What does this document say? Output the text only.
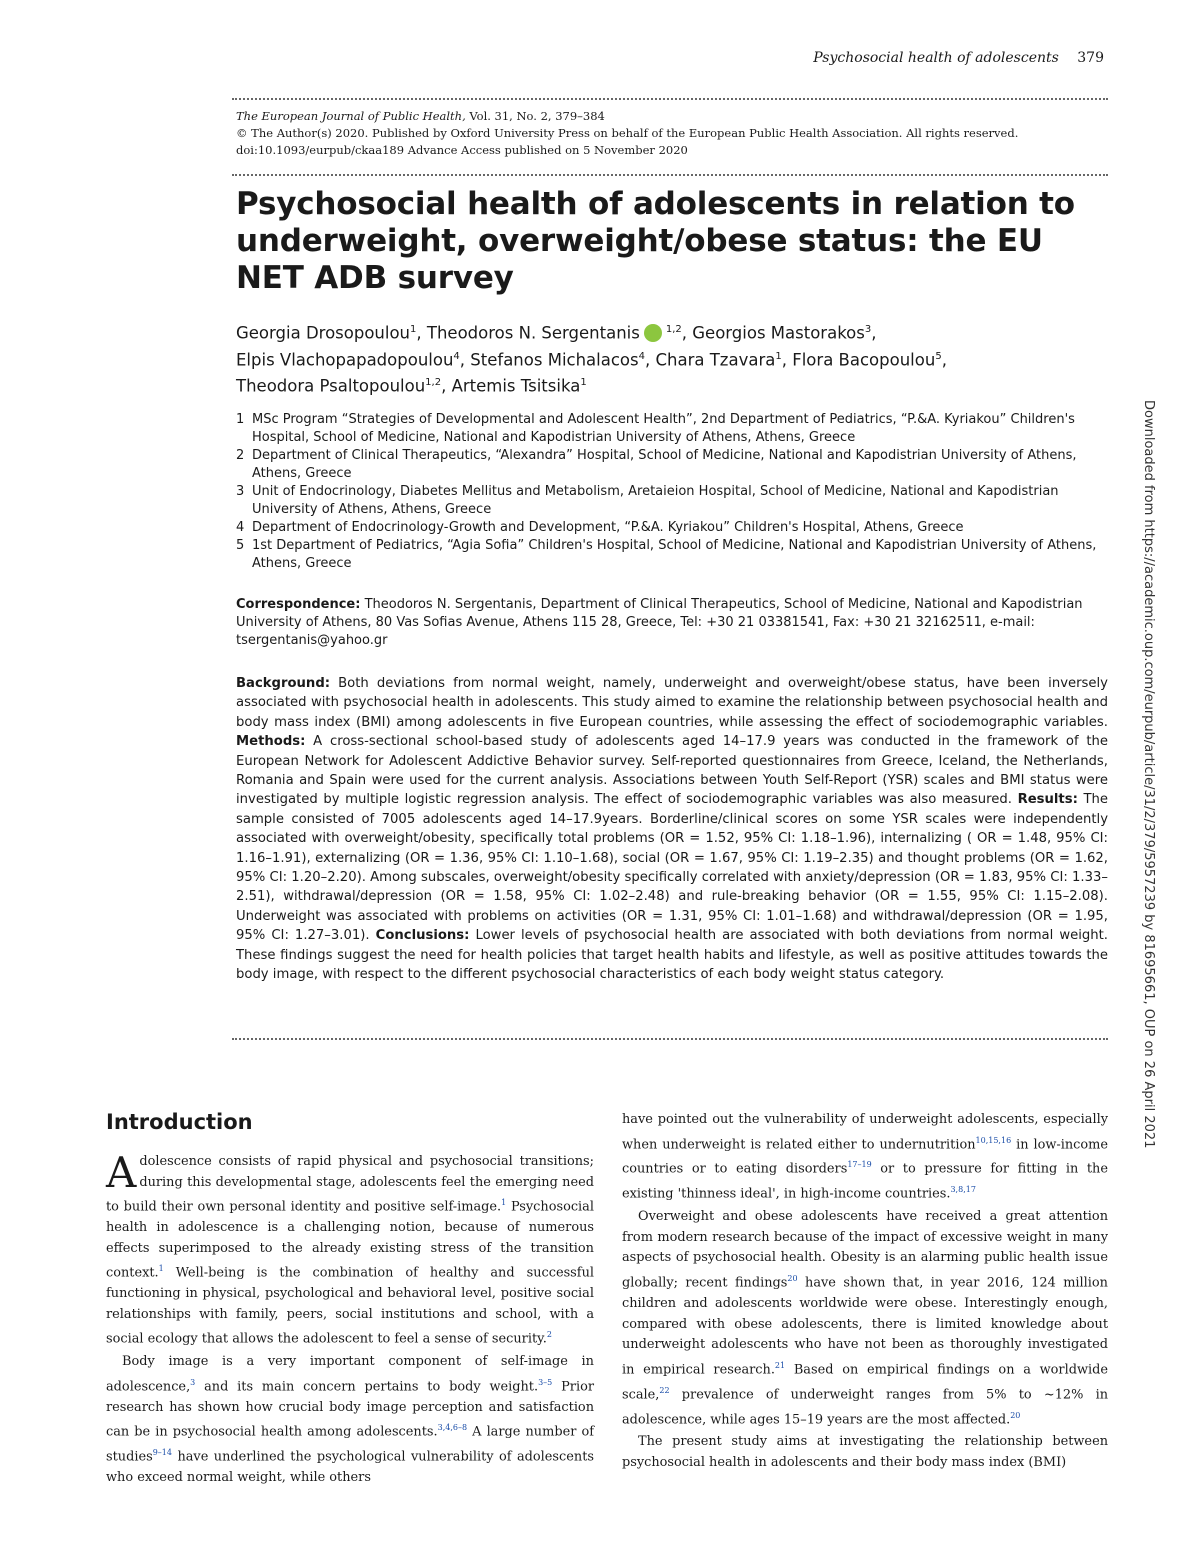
Psychosocial health of adolescents 379
The European Journal of Public Health, Vol. 31, No. 2, 379–384
© The Author(s) 2020. Published by Oxford University Press on behalf of the European Public Health Association. All rights reserved.
doi:10.1093/eurpub/ckaa189 Advance Access published on 5 November 2020
Psychosocial health of adolescents in relation to underweight, overweight/obese status: the EU NET ADB survey
Georgia Drosopoulou$^1$, Theodoros N. Sergentanis	$^{1,2}$, Georgios Mastorakos$^3$,
Elpis Vlachopapadopoulou$^4$, Stefanos Michalacos$^4$, Chara Tzavara$^1$, Flora Bacopoulou$^5$,
Theodora Psaltopoulou$^{1,2}$, Artemis Tsitsika$^1$
1 MSc Program “Strategies of Developmental and Adolescent Health”, 2nd Department of Pediatrics, “P.&A. Kyriakou” Children's Hospital, School of Medicine, National and Kapodistrian University of Athens, Athens, Greece
2 Department of Clinical Therapeutics, “Alexandra” Hospital, School of Medicine, National and Kapodistrian University of Athens, Athens, Greece
3 Unit of Endocrinology, Diabetes Mellitus and Metabolism, Aretaieion Hospital, School of Medicine, National and Kapodistrian University of Athens, Athens, Greece
4 Department of Endocrinology-Growth and Development, “P.&A. Kyriakou” Children's Hospital, Athens, Greece
5 1st Department of Pediatrics, “Agia Sofia” Children's Hospital, School of Medicine, National and Kapodistrian University of Athens, Athens, Greece
Correspondence: Theodoros N. Sergentanis, Department of Clinical Therapeutics, School of Medicine, National and Kapodistrian University of Athens, 80 Vas Sofias Avenue, Athens 115 28, Greece, Tel: +30 21 03381541, Fax: +30 21 32162511, e-mail: tsergentanis@yahoo.gr
Background: Both deviations from normal weight, namely, underweight and overweight/obese status, have been inversely associated with psychosocial health in adolescents. This study aimed to examine the relationship between psychosocial health and body mass index (BMI) among adolescents in five European countries, while assessing the effect of sociodemographic variables. Methods: A cross-sectional school-based study of adolescents aged 14–17.9 years was conducted in the framework of the European Network for Adolescent Addictive Behavior survey. Self-reported questionnaires from Greece, Iceland, the Netherlands, Romania and Spain were used for the current analysis. Associations between Youth Self-Report (YSR) scales and BMI status were investigated by multiple logistic regression analysis. The effect of sociodemographic variables was also measured. Results: The sample consisted of 7005 adolescents aged 14–17.9years. Borderline/clinical scores on some YSR scales were independently associated with overweight/obesity, specifically total problems (OR = 1.52, 95% CI: 1.18–1.96), internalizing ( OR = 1.48, 95% CI: 1.16–1.91), externalizing (OR = 1.36, 95% CI: 1.10–1.68), social (OR = 1.67, 95% CI: 1.19–2.35) and thought problems (OR = 1.62, 95% CI: 1.20–2.20). Among subscales, overweight/obesity specifically correlated with anxiety/depression (OR = 1.83, 95% CI: 1.33–2.51), withdrawal/depression (OR = 1.58, 95% CI: 1.02–2.48) and rule-breaking behavior (OR = 1.55, 95% CI: 1.15–2.08). Underweight was associated with problems on activities (OR = 1.31, 95% CI: 1.01–1.68) and withdrawal/depression (OR = 1.95, 95% CI: 1.27–3.01). Conclusions: Lower levels of psychosocial health are associated with both deviations from normal weight. These findings suggest the need for health policies that target health habits and lifestyle, as well as positive attitudes towards the body image, with respect to the different psychosocial characteristics of each body weight status category.	Downloaded from https://academic.oup.com/eurpub/article/31/2/379/5957239 by 81695661, OUP on 26 April 2021
Introduction

Adolescence consists of rapid physical and psychosocial transitions; during this developmental stage, adolescents feel the emerging need to build their own personal identity and positive self-image.$^1$ Psychosocial health in adolescence is a challenging notion, because of numerous effects superimposed to the already existing stress of the transition context.$^1$ Well-being is the combination of healthy and successful functioning in physical, psychological and behavioral level, positive social relationships with family, peers, social institutions and school, with a social ecology that allows the adolescent to feel a sense of security.$^2$

Body image is a very important component of self-image in adolescence,$^3$ and its main concern pertains to body weight.$^{3-5}$ Prior research has shown how crucial body image perception and satisfaction can be in psychosocial health among adolescents.$^{3,4,6-8}$ A large number of studies$^{9-14}$ have underlined the psychological vulnerability of adolescents who exceed normal weight, while others

have pointed out the vulnerability of underweight adolescents, especially when underweight is related either to undernutrition$^{10,15,16}$ in low-income countries or to eating disorders$^{17-19}$ or to pressure for fitting in the existing 'thinness ideal', in high-income countries.$^{3,8,17}$

Overweight and obese adolescents have received a great attention from modern research because of the impact of excessive weight in many aspects of psychosocial health. Obesity is an alarming public health issue globally; recent findings$^{20}$ have shown that, in year 2016, 124 million children and adolescents worldwide were obese. Interestingly enough, compared with obese adolescents, there is limited knowledge about underweight adolescents who have not been as thoroughly investigated in empirical research.$^{21}$ Based on empirical findings on a worldwide scale,$^{22}$ prevalence of underweight ranges from 5% to ~12% in adolescence, while ages 15–19 years are the most affected.$^{20}$

The present study aims at investigating the relationship between psychosocial health in adolescents and their body mass index (BMI)
